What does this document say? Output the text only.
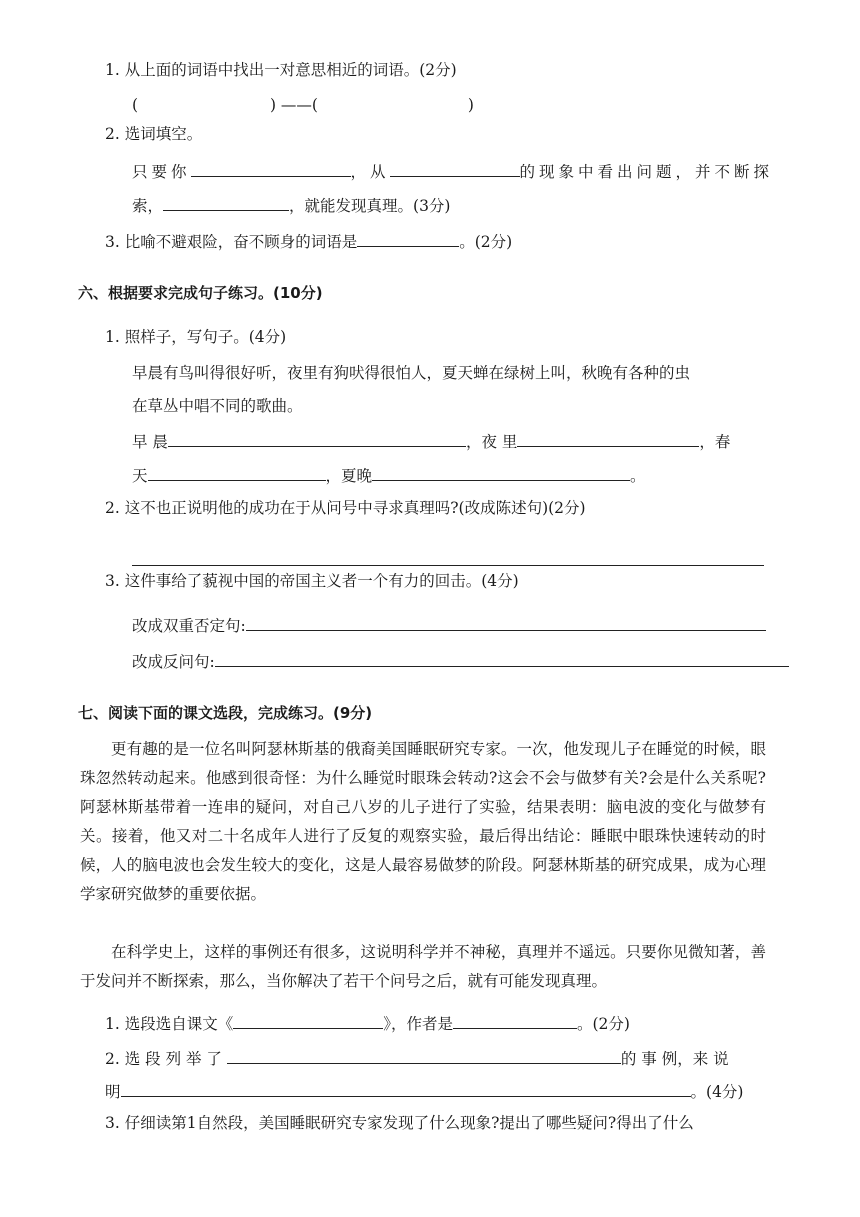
1. 从上面的词语中找出一对意思相近的词语。(2分)
(	) ——(	)
2. 选词填空。
只要你	，从	的现象中看出问题，并不断探
索，	，就能发现真理。(3分)
3. 比喻不避艰险，奋不顾身的词语是	。(2分)
六、根据要求完成句子练习。(10分)
1. 照样子，写句子。(4分)
早晨有鸟叫得很好听，夜里有狗吠得很怕人，夏天蝉在绿树上叫，秋晚有各种的虫
在草丛中唱不同的歌曲。
早 晨	，夜 里	，春
天	，夏晚	。
2. 这不也正说明他的成功在于从问号中寻求真理吗?(改成陈述句)(2分)
3. 这件事给了藐视中国的帝国主义者一个有力的回击。(4分)
改成双重否定句:
改成反问句:
七、阅读下面的课文选段，完成练习。(9分)
更有趣的是一位名叫阿瑟林斯基的俄裔美国睡眠研究专家。一次，他发现儿子在睡觉的时候，眼珠忽然转动起来。他感到很奇怪：为什么睡觉时眼珠会转动?这会不会与做梦有关?会是什么关系呢?阿瑟林斯基带着一连串的疑问，对自己八岁的儿子进行了实验，结果表明：脑电波的变化与做梦有关。接着，他又对二十名成年人进行了反复的观察实验，最后得出结论：睡眠中眼珠快速转动的时候，人的脑电波也会发生较大的变化，这是人最容易做梦的阶段。阿瑟林斯基的研究成果，成为心理学家研究做梦的重要依据。
在科学史上，这样的事例还有很多，这说明科学并不神秘，真理并不遥远。只要你见微知著，善于发问并不断探索，那么，当你解决了若干个问号之后，就有可能发现真理。
1. 选段选自课文《	》，作者是	。(2分)
2. 选 段 列 举 了	的 事 例，来 说
明	。(4分)
3. 仔细读第1自然段，美国睡眠研究专家发现了什么现象?提出了哪些疑问?得出了什么
